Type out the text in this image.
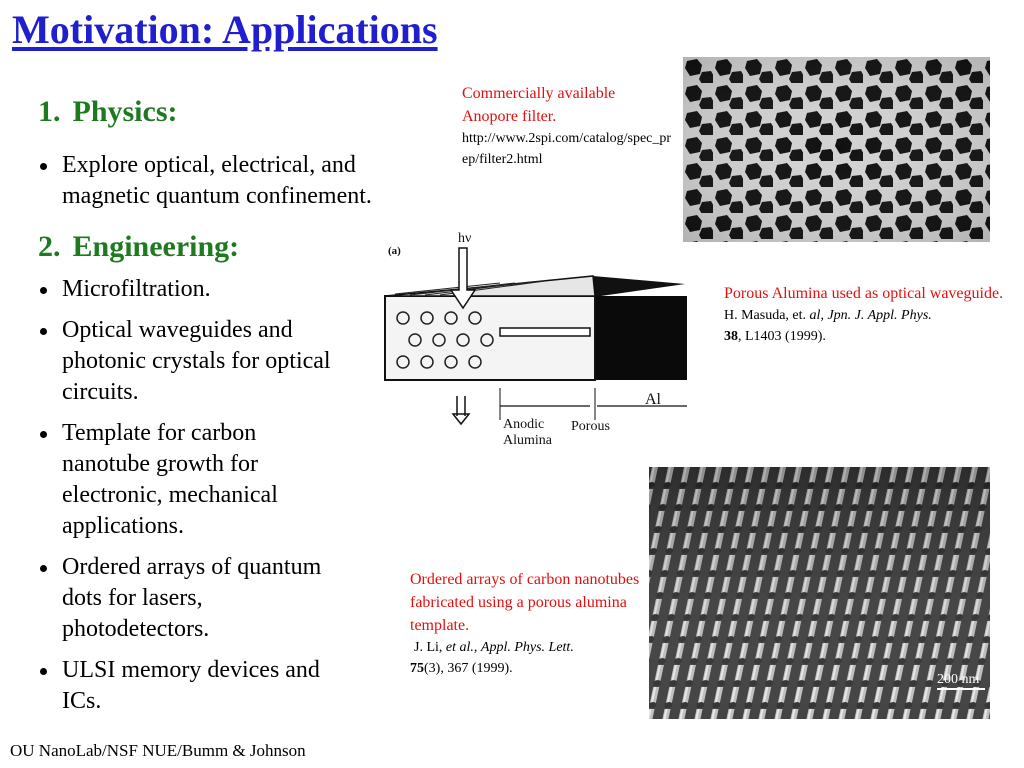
Motivation: Applications
1. Physics:
Explore optical, electrical, and magnetic quantum confinement.
2. Engineering:
Microfiltration.
Optical waveguides and photonic crystals for optical circuits.
Template for carbon nanotube growth for electronic, mechanical applications.
Ordered arrays of quantum dots for lasers, photodetectors.
ULSI memory devices and ICs.
Commercially available Anopore filter.
http://www.2spi.com/catalog/spec_prep/filter2.html
(a)
hν
Anodic
Alumina
Porous
Al
Porous Alumina used as optical waveguide.
H. Masuda, et. al, Jpn. J. Appl. Phys.
38, L1403 (1999).
Ordered arrays of carbon nanotubes fabricated using a porous alumina template.
J. Li, et al., Appl. Phys. Lett.
75(3), 367 (1999).
200 nm
OU NanoLab/NSF NUE/Bumm & Johnson
